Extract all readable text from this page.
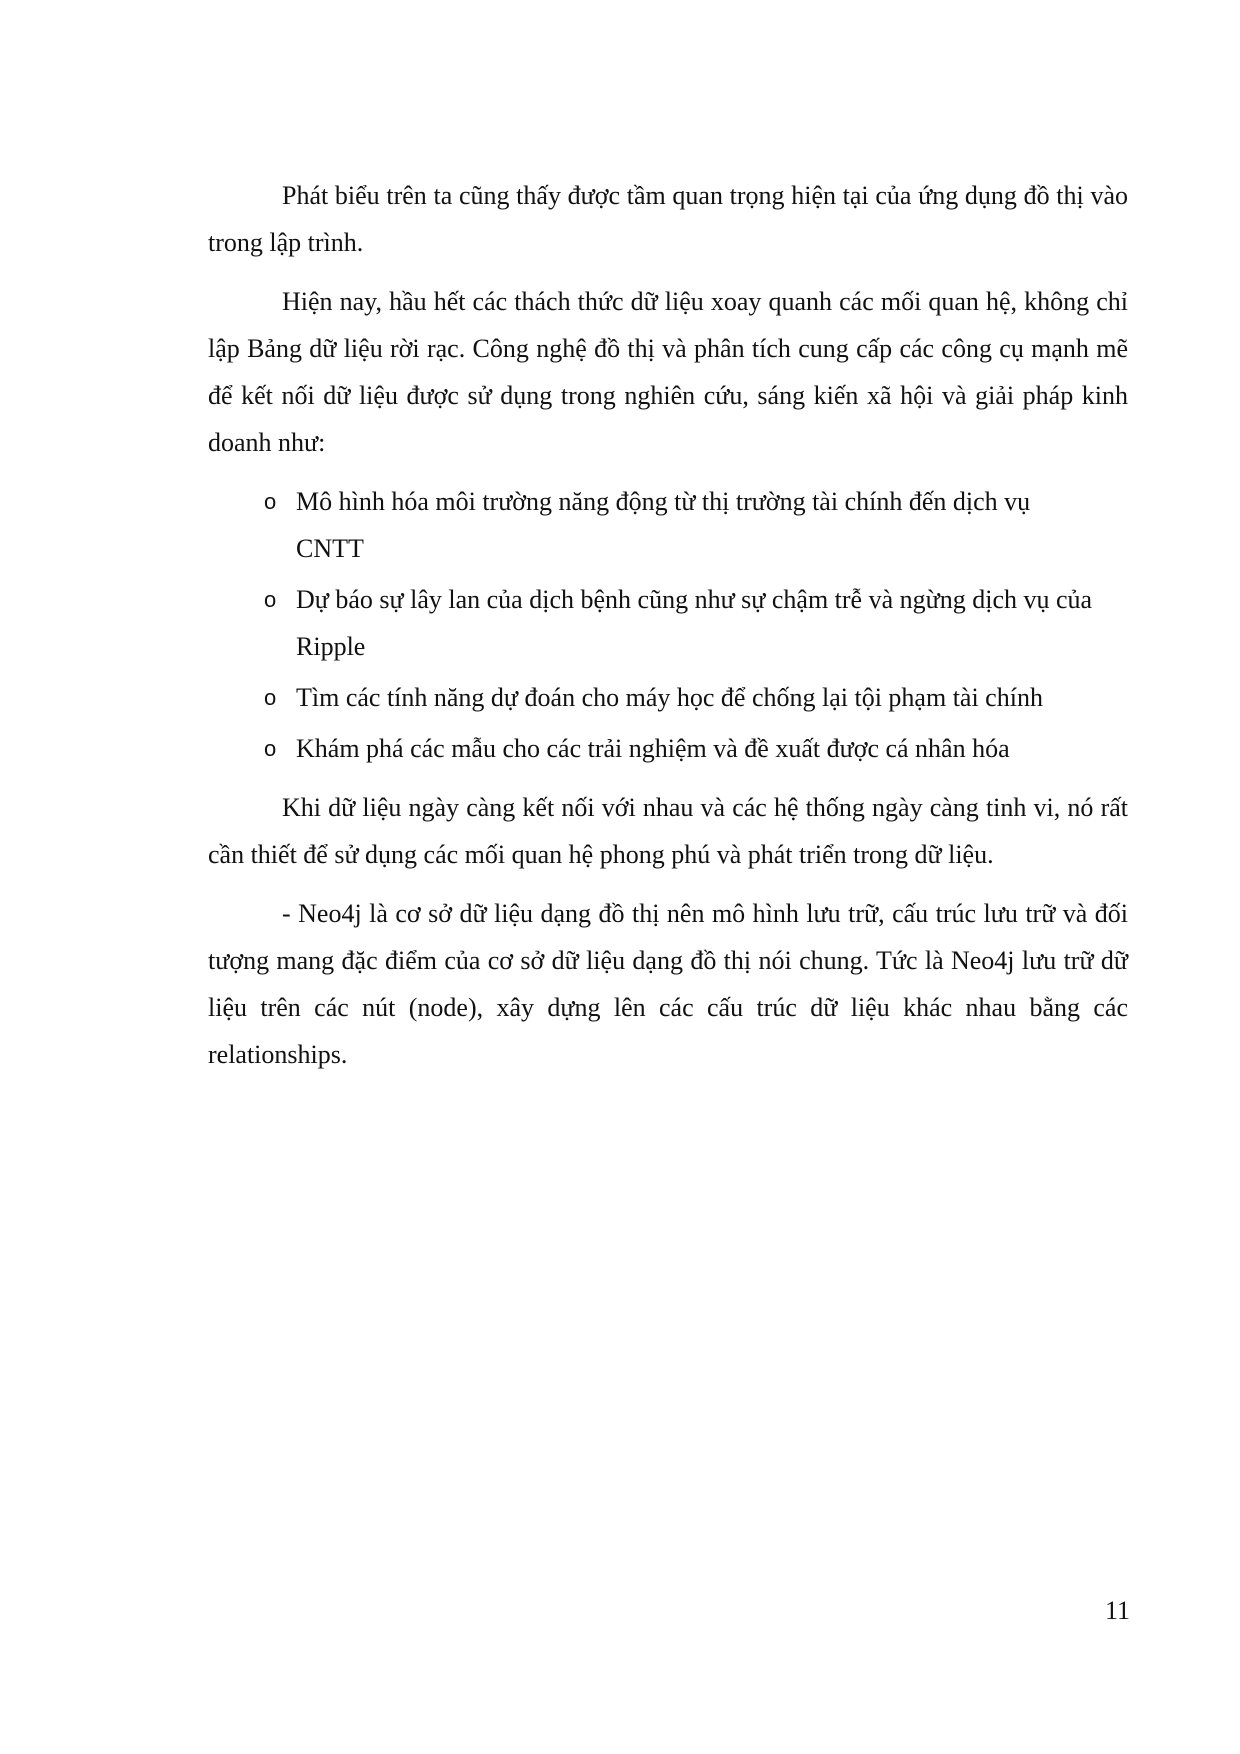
Phát biểu trên ta cũng thấy được tầm quan trọng hiện tại của ứng dụng đồ thị vào trong lập trình.

Hiện nay, hầu hết các thách thức dữ liệu xoay quanh các mối quan hệ, không chỉ lập Bảng dữ liệu rời rạc. Công nghệ đồ thị và phân tích cung cấp các công cụ mạnh mẽ để kết nối dữ liệu được sử dụng trong nghiên cứu, sáng kiến xã hội và giải pháp kinh doanh như:

o Mô hình hóa môi trường năng động từ thị trường tài chính đến dịch vụ CNTT
o Dự báo sự lây lan của dịch bệnh cũng như sự chậm trễ và ngừng dịch vụ của Ripple
o Tìm các tính năng dự đoán cho máy học để chống lại tội phạm tài chính
o Khám phá các mẫu cho các trải nghiệm và đề xuất được cá nhân hóa

Khi dữ liệu ngày càng kết nối với nhau và các hệ thống ngày càng tinh vi, nó rất cần thiết để sử dụng các mối quan hệ phong phú và phát triển trong dữ liệu.

- Neo4j là cơ sở dữ liệu dạng đồ thị nên mô hình lưu trữ, cấu trúc lưu trữ và đối tượng mang đặc điểm của cơ sở dữ liệu dạng đồ thị nói chung. Tức là Neo4j lưu trữ dữ liệu trên các nút (node), xây dựng lên các cấu trúc dữ liệu khác nhau bằng các relationships.

11
